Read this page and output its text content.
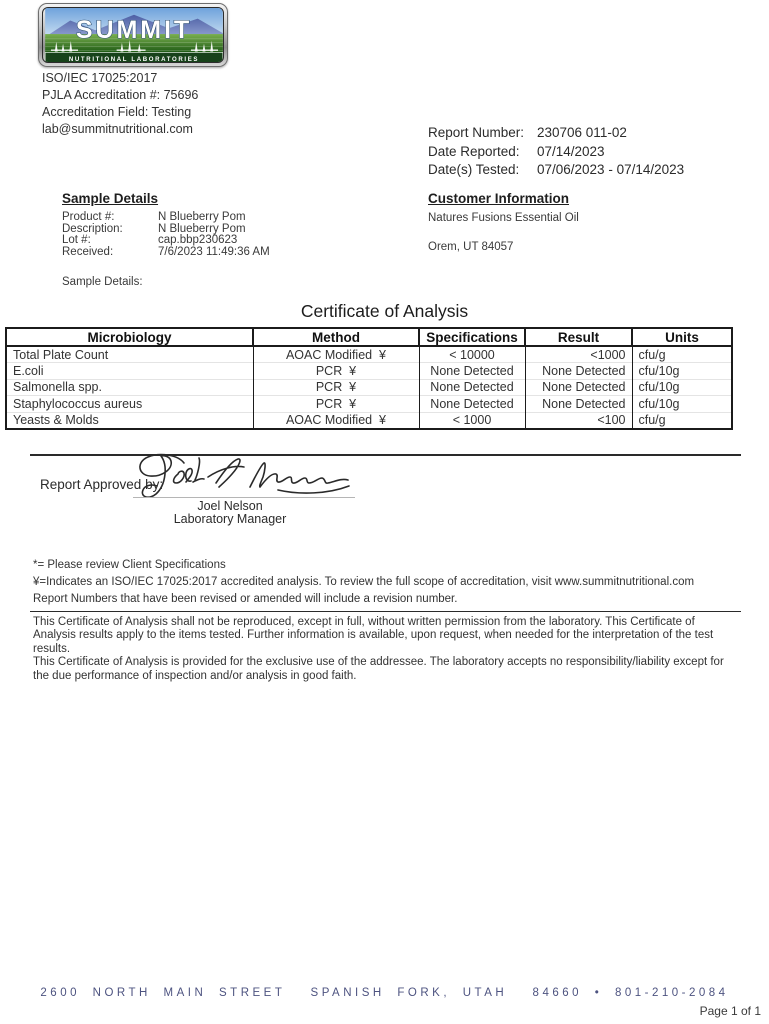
SUMMIT
NUTRITIONAL LABORATORIES
ISO/IEC 17025:2017
PJLA Accreditation #: 75696
Accreditation Field: Testing
lab@summitnutritional.com	Report Number: 230706 011-02
Date Reported:	07/14/2023
Date(s) Tested:	07/06/2023 - 07/14/2023
Sample Details
Product #:	N Blueberry Pom
Description:	N Blueberry Pom
Lot #:	cap.bbp230623
Received:	7/6/2023 11:49:36 AM
Sample Details:
Customer Information
Natures Fusions Essential Oil
Orem, UT 84057
Certificate of Analysis
Microbiology	Method	Specifications	Result	Units
Total Plate Count	AOAC Modified  ¥	< 10000	<1000	cfu/g
E.coli	PCR  ¥	None Detected	None Detected	cfu/10g
Salmonella spp.	PCR  ¥	None Detected	None Detected	cfu/10g
Staphylococcus aureus	PCR  ¥	None Detected	None Detected	cfu/10g
Yeasts & Molds	AOAC Modified  ¥	< 1000	<100	cfu/g
Report Approved by:
Joel Nelson
Laboratory Manager
*= Please review Client Specifications
¥=Indicates an ISO/IEC 17025:2017 accredited analysis. To review the full scope of accreditation, visit www.summitnutritional.com
Report Numbers that have been revised or amended will include a revision number.
This Certificate of Analysis shall not be reproduced, except in full, without written permission from the laboratory. This Certificate of Analysis results apply to the items tested. Further information is available, upon request, when needed for the interpretation of the test results.
This Certificate of Analysis is provided for the exclusive use of the addressee. The laboratory accepts no responsibility/liability except for the due performance of inspection and/or analysis in good faith.
2600 NORTH MAIN STREET  SPANISH FORK, UTAH  84660 • 801-210-2084
Page 1 of 1
